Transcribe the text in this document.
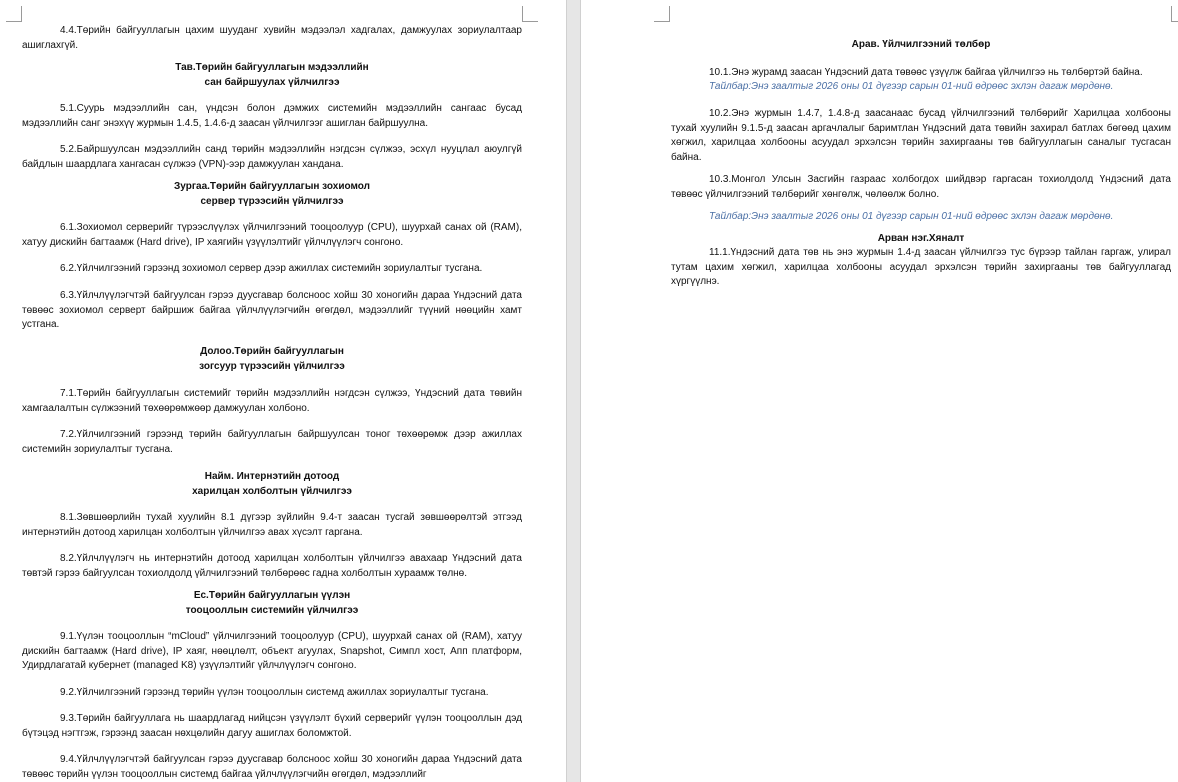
4.4.Төрийн байгууллагын цахим шууданг хувийн мэдээлэл хадгалах, дамжуулах зориулалтаар ашиглахгүй.

Тав.Төрийн байгууллагын мэдээллийн
сан байршуулах үйлчилгээ

5.1.Суурь мэдээллийн сан, үндсэн болон дэмжих системийн мэдээллийн сангаас бусад мэдээллийн санг энэхүү журмын 1.4.5, 1.4.6-д заасан үйлчилгээг ашиглан байршуулна.

5.2.Байршуулсан мэдээллийн санд төрийн мэдээллийн нэгдсэн сүлжээ, эсхүл нууцлал аюулгүй байдлын шаардлага хангасан сүлжээ (VPN)-ээр дамжуулан хандана.

Зургаа.Төрийн байгууллагын зохиомол
сервер түрээсийн үйлчилгээ

6.1.Зохиомол серверийг түрээслүүлэх үйлчилгээний тооцоолуур (CPU), шуурхай санах ой (RAM), хатуу дискийн багтаамж (Hard drive), IP хаягийн үзүүлэлтийг үйлчлүүлэгч сонгоно.

6.2.Үйлчилгээний гэрээнд зохиомол сервер дээр ажиллах системийн зориулалтыг тусгана.

6.3.Үйлчлүүлэгчтэй байгуулсан гэрээ дуусгавар болсноос хойш 30 хоногийн дараа Үндэсний дата төвөөс зохиомол серверт байршиж байгаа үйлчлүүлэгчийн өгөгдөл, мэдээллийг түүний нөөцийн хамт устгана.

Долоо.Төрийн байгууллагын
зогсуур түрээсийн үйлчилгээ

7.1.Төрийн байгууллагын системийг төрийн мэдээллийн нэгдсэн сүлжээ, Үндэсний дата төвийн хамгаалалтын сүлжээний төхөөрөмжөөр дамжуулан холбоно.

7.2.Үйлчилгээний гэрээнд төрийн байгууллагын байршуулсан тоног төхөөрөмж дээр ажиллах системийн зориулалтыг тусгана.

Найм. Интернэтийн дотоод
харилцан холболтын үйлчилгээ

8.1.Зөвшөөрлийн тухай хуулийн 8.1 дүгээр зүйлийн 9.4-т заасан тусгай зөвшөөрөлтэй этгээд интернэтийн дотоод харилцан холболтын үйлчилгээ авах хүсэлт гаргана.

8.2.Үйлчлүүлэгч нь интернэтийн дотоод харилцан холболтын үйлчилгээ авахаар Үндэсний дата төвтэй гэрээ байгуулсан тохиолдолд үйлчилгээний төлбөрөөс гадна холболтын хураамж төлнө.

Ес.Төрийн байгууллагын үүлэн
тооцооллын системийн үйлчилгээ

9.1.Үүлэн тооцооллын “mCloud” үйлчилгээний тооцоолуур (CPU), шуурхай санах ой (RAM), хатуу дискийн багтаамж (Hard drive), IP хаяг, нөөцлөлт, объект агуулах, Snapshot, Симпл хост, Апп платформ, Удирдлагатай кубернет (managed K8) үзүүлэлтийг үйлчлүүлэгч сонгоно.

9.2.Үйлчилгээний гэрээнд төрийн үүлэн тооцооллын системд ажиллах зориулалтыг тусгана.

9.3.Төрийн байгууллага нь шаардлагад нийцсэн үзүүлэлт бүхий серверийг үүлэн тооцооллын дэд бүтэцэд нэгтгэж, гэрээнд заасан нөхцөлийн дагуу ашиглах боломжтой.

9.4.Үйлчлүүлэгчтэй байгуулсан гэрээ дуусгавар болсноос хойш 30 хоногийн дараа Үндэсний дата төвөөс төрийн үүлэн тооцооллын системд байгаа үйлчлүүлэгчийн өгөгдөл, мэдээллийг

Арав. Үйлчилгээний төлбөр

10.1.Энэ журамд заасан Үндэсний дата төвөөс үзүүлж байгаа үйлчилгээ нь төлбөртэй байна.

Тайлбар:Энэ заалтыг 2026 оны 01 дүгээр сарын 01-ний өдрөөс эхлэн дагаж мөрдөнө.

10.2.Энэ журмын 1.4.7, 1.4.8-д заасанаас бусад үйлчилгээний төлбөрийг Харилцаа холбооны тухай хуулийн 9.1.5-д заасан аргачлалыг баримтлан Үндэсний дата төвийн захирал батлах бөгөөд цахим хөгжил, харилцаа холбооны асуудал эрхэлсэн төрийн захиргааны төв байгууллагын саналыг тусгасан байна.

10.3.Монгол Улсын Засгийн газраас холбогдох шийдвэр гаргасан тохиолдолд Үндэсний дата төвөөс үйлчилгээний төлбөрийг хөнгөлж, чөлөөлж болно.

Тайлбар:Энэ заалтыг 2026 оны 01 дүгээр сарын 01-ний өдрөөс эхлэн дагаж мөрдөнө.

Арван нэг.Хяналт

11.1.Үндэсний дата төв нь энэ журмын 1.4-д заасан үйлчилгээ тус бүрээр тайлан гаргаж, улирал тутам цахим хөгжил, харилцаа холбооны асуудал эрхэлсэн төрийн захиргааны төв байгууллагад хүргүүлнэ.
